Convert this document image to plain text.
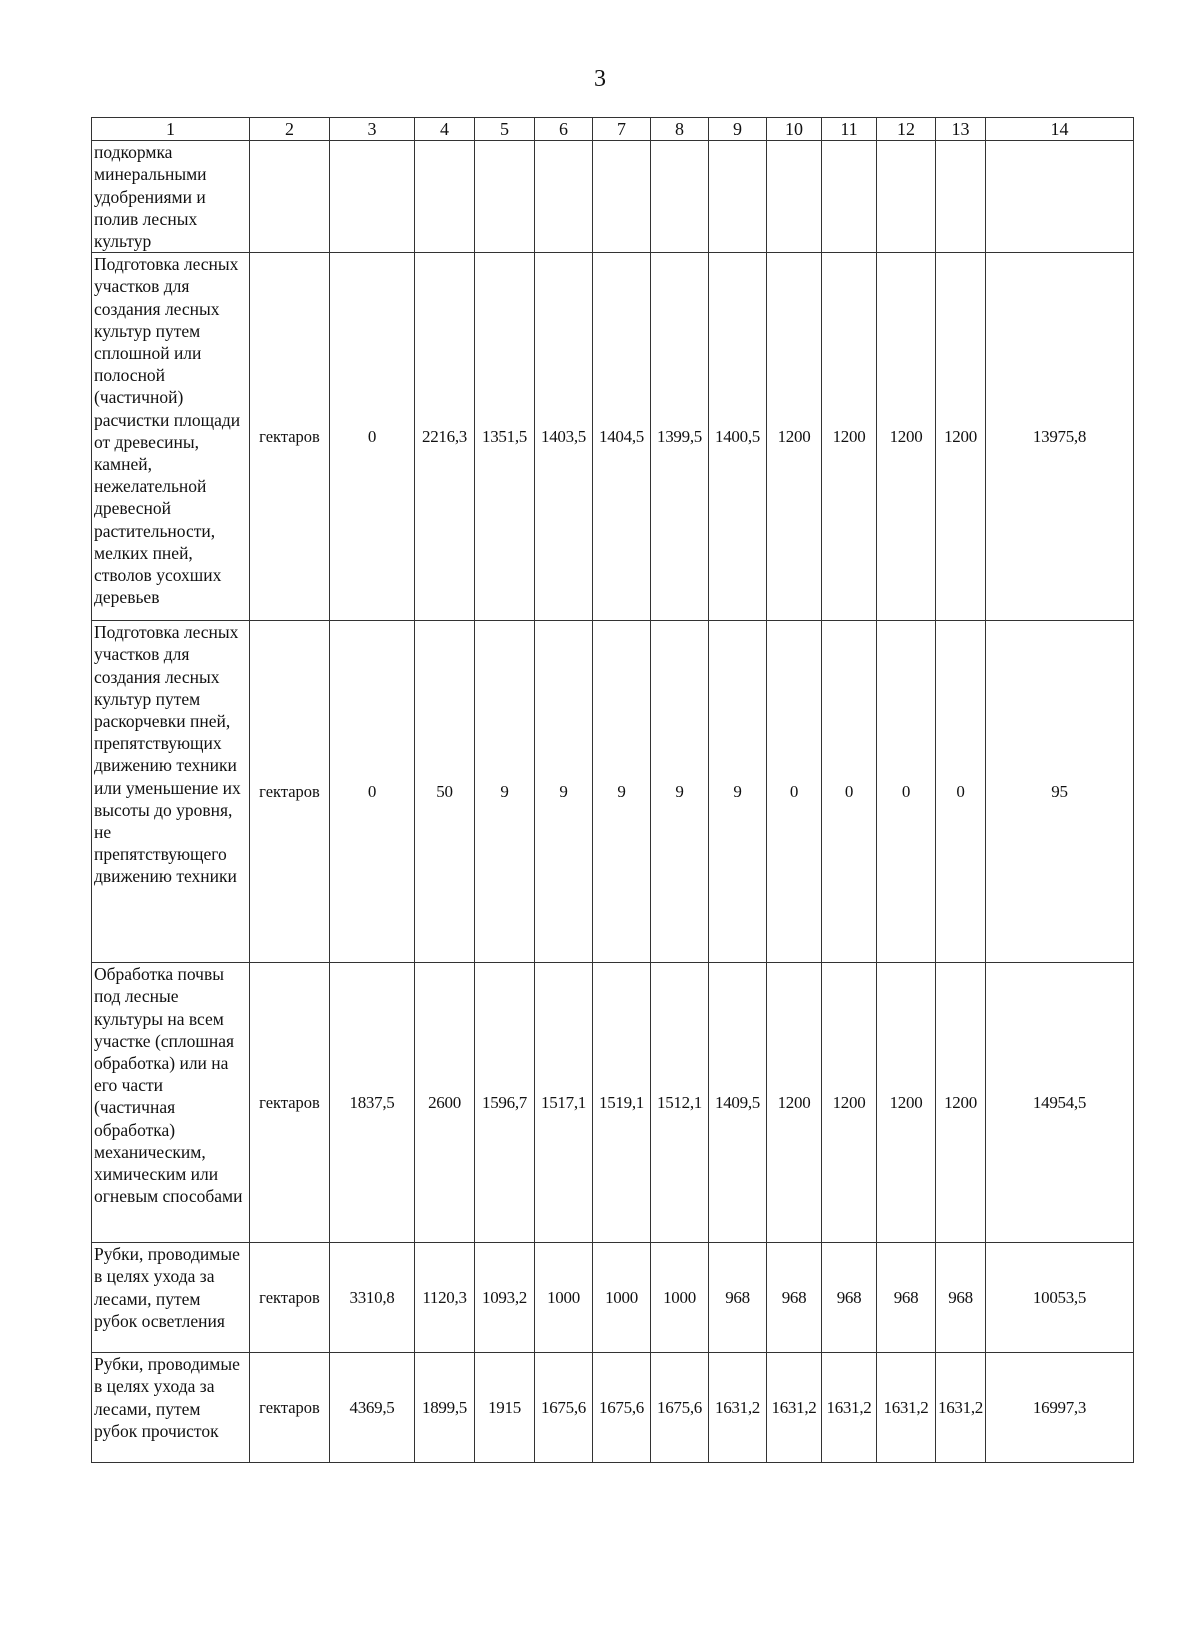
3
1	2	3	4	5	6	7	8	9	10	11	12	13	14
подкормка минеральными удобрениями и полив лесных культур													
Подготовка лесных участков для создания лесных культур путем сплошной или полосной (частичной) расчистки площади от древесины, камней, нежелательной древесной растительности, мелких пней, стволов усохших деревьев	гектаров	0	2216,3	1351,5	1403,5	1404,5	1399,5	1400,5	1200	1200	1200	1200	13975,8
Подготовка лесных участков для создания лесных культур путем раскорчевки пней, препятствующих движению техники или уменьшение их высоты до уровня, не препятствующего движению техники	гектаров	0	50	9	9	9	9	9	0	0	0	0	95
Обработка почвы под лесные культуры на всем участке (сплошная обработка) или на его части (частичная обработка) механическим, химическим или огневым способами	гектаров	1837,5	2600	1596,7	1517,1	1519,1	1512,1	1409,5	1200	1200	1200	1200	14954,5
Рубки, проводимые в целях ухода за лесами, путем рубок осветления	гектаров	3310,8	1120,3	1093,2	1000	1000	1000	968	968	968	968	968	10053,5
Рубки, проводимые в целях ухода за лесами, путем рубок прочисток	гектаров	4369,5	1899,5	1915	1675,6	1675,6	1675,6	1631,2	1631,2	1631,2	1631,2	1631,2	16997,3
